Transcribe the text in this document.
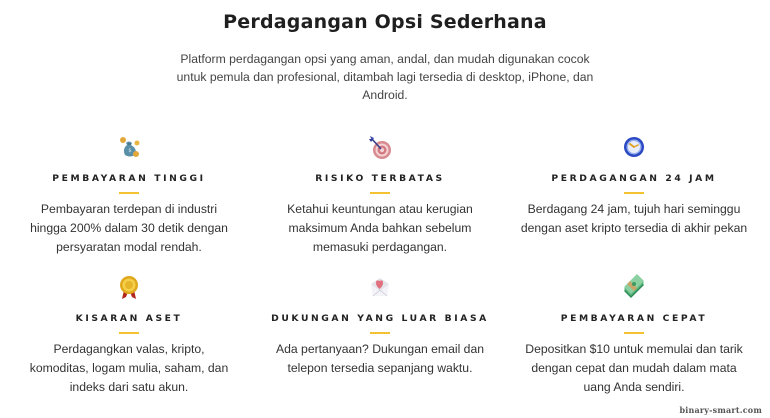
Perdagangan Opsi Sederhana
Platform perdagangan opsi yang aman, andal, dan mudah digunakan cocok untuk pemula dan profesional, ditambah lagi tersedia di desktop, iPhone, dan Android.
$
PEMBAYARAN TINGGI
Pembayaran terdepan di industri hingga 200% dalam 30 detik dengan persyaratan modal rendah.
RISIKO TERBATAS
Ketahui keuntungan atau kerugian maksimum Anda bahkan sebelum memasuki perdagangan.
PERDAGANGAN 24 JAM
Berdagang 24 jam, tujuh hari seminggu dengan aset kripto tersedia di akhir pekan
KISARAN ASET
Perdagangkan valas, kripto, komoditas, logam mulia, saham, dan indeks dari satu akun.
DUKUNGAN YANG LUAR BIASA
Ada pertanyaan? Dukungan email dan telepon tersedia sepanjang waktu.
PEMBAYARAN CEPAT
Depositkan $10 untuk memulai dan tarik dengan cepat dan mudah dalam mata uang Anda sendiri.
binary-smart.com
